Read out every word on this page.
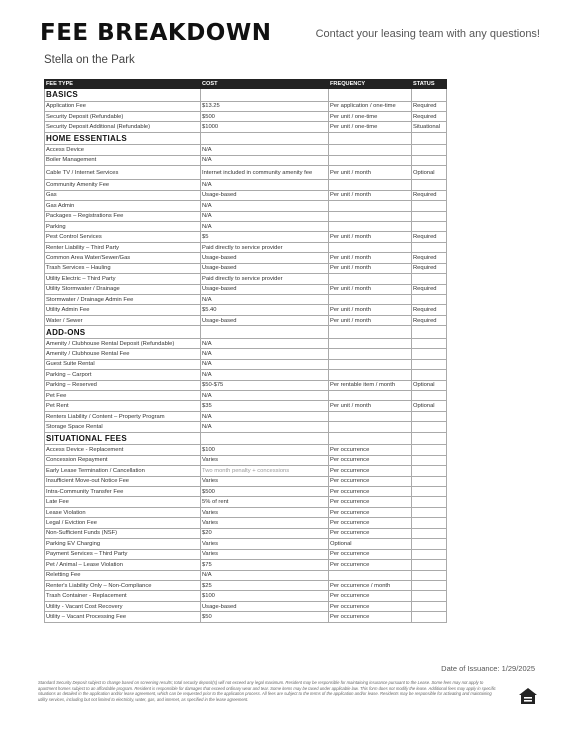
FEE BREAKDOWN	Contact your leasing team with any questions!
Stella on the Park
FEE TYPE	COST	FREQUENCY	STATUS
BASICS			
Application Fee	$13.25	Per application / one-time	Required
Security Deposit (Refundable)	$500	Per unit / one-time	Required
Security Deposit Additional (Refundable)	$1000	Per unit / one-time	Situational
HOME ESSENTIALS			
Access Device	N/A		
Boiler Management	N/A		
Cable TV / Internet Services	Internet included in community amenity fee	Per unit / month	Optional
Community Amenity Fee	N/A		
Gas	Usage-based	Per unit / month	Required
Gas Admin	N/A		
Packages – Registrations Fee	N/A		
Parking	N/A		
Pest Control Services	$5	Per unit / month	Required
Renter Liability – Third Party	Paid directly to service provider		
Common Area Water/Sewer/Gas	Usage-based	Per unit / month	Required
Trash Services – Hauling	Usage-based	Per unit / month	Required
Utility Electric – Third Party	Paid directly to service provider		
Utility Stormwater / Drainage	Usage-based	Per unit / month	Required
Stormwater / Drainage Admin Fee	N/A		
Utility Admin Fee	$5.40	Per unit / month	Required
Water / Sewer	Usage-based	Per unit / month	Required
ADD-ONS			
Amenity / Clubhouse Rental Deposit (Refundable)	N/A		
Amenity / Clubhouse Rental Fee	N/A		
Guest Suite Rental	N/A		
Parking – Carport	N/A		
Parking – Reserved	$50-$75	Per rentable item / month	Optional
Pet Fee	N/A		
Pet Rent	$35	Per unit / month	Optional
Renters Liability / Content – Property Program	N/A		
Storage Space Rental	N/A		
SITUATIONAL FEES			
Access Device - Replacement	$100	Per occurrence	
Concession Repayment	Varies	Per occurrence	
Early Lease Termination / Cancellation	Two month penalty + concessions	Per occurrence	
Insufficient Move-out Notice Fee	Varies	Per occurrence	
Intra-Community Transfer Fee	$500	Per occurrence	
Late Fee	5% of rent	Per occurrence	
Lease Violation	Varies	Per occurrence	
Legal / Eviction Fee	Varies	Per occurrence	
Non-Sufficient Funds (NSF)	$20	Per occurrence	
Parking EV Charging	Varies	Optional	
Payment Services – Third Party	Varies	Per occurrence	
Pet / Animal – Lease Violation	$75	Per occurrence	
Reletting Fee	N/A		
Renter's Liability Only – Non-Compliance	$25	Per occurrence / month	
Trash Container - Replacement	$100	Per occurrence	
Utility - Vacant Cost Recovery	Usage-based	Per occurrence	
Utility – Vacant Processing Fee	$50	Per occurrence	
Date of Issuance: 1/29/2025
Standard Security Deposit subject to change based on screening results; total security deposit(s) will not exceed any legal maximum. Resident may be responsible for maintaining insurance pursuant to the Lease. Some fees may not apply to apartment homes subject to an affordable program. Resident is responsible for damages that exceed ordinary wear and tear. Some items may be taxed under applicable law. This form does not modify the lease. Additional fees may apply in specific situations as detailed in the application and/or lease agreement, which can be requested prior to the application process. All fees are subject to the terms of the application and/or lease. Residents may be responsible for activating and maintaining utility services, including but not limited to electricity, water, gas, and internet, as specified in the lease agreement.
